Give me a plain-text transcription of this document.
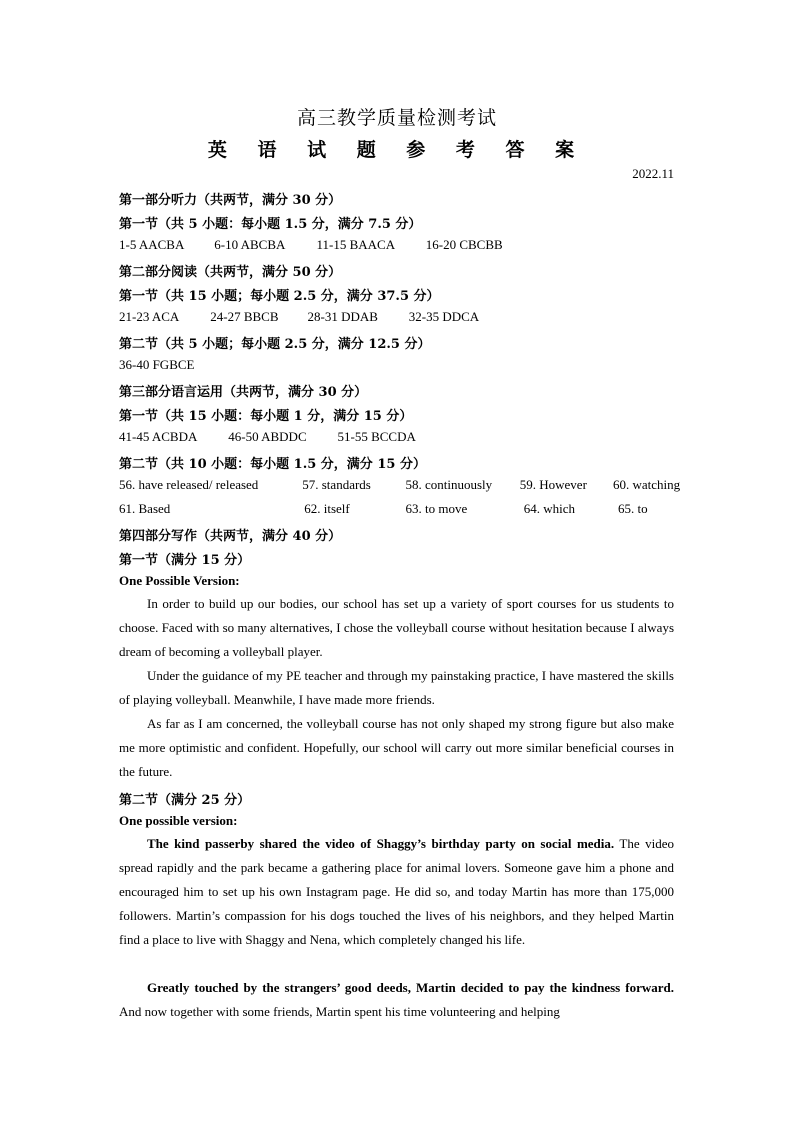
高三教学质量检测考试
英 语 试 题 参 考 答 案
2022.11
第一部分听力（共两节，满分 30 分）
第一节（共 5 小题：每小题 1.5 分，满分 7.5 分）
1-5 AACBA 6-10 ABCBA 11-15 BAACA 16-20 CBCBB
第二部分阅读（共两节，满分 50 分）
第一节（共 15 小题；每小题 2.5 分，满分 37.5 分）
21-23 ACA 24-27 BBCB 28-31 DDAB 32-35 DDCA
第二节（共 5 小题；每小题 2.5 分，满分 12.5 分）
36-40 FGBCE
第三部分语言运用（共两节，满分 30 分）
第一节（共 15 小题：每小题 1 分，满分 15 分）
41-45 ACBDA 46-50 ABDDC 51-55 BCCDA
第二节（共 10 小题：每小题 1.5 分，满分 15 分）
56. have released/ released	57. standards	58. continuously 59. However 60. watching
61. Based	62. itself	63. to move	64. which	65. to
第四部分写作（共两节，满分 40 分）
第一节（满分 15 分）
One Possible Version:
In order to build up our bodies, our school has set up a variety of sport courses for us students to choose. Faced with so many alternatives, I chose the volleyball course without hesitation because I always dream of becoming a volleyball player.
Under the guidance of my PE teacher and through my painstaking practice, I have mastered the skills of playing volleyball. Meanwhile, I have made more friends.
As far as I am concerned, the volleyball course has not only shaped my strong figure but also make me more optimistic and confident. Hopefully, our school will carry out more similar beneficial courses in the future.
第二节（满分 25 分）
One possible version:
The kind passerby shared the video of Shaggy’s birthday party on social media. The video spread rapidly and the park became a gathering place for animal lovers. Someone gave him a phone and encouraged him to set up his own Instagram page. He did so, and today Martin has more than 175,000 followers. Martin’s compassion for his dogs touched the lives of his neighbors, and they helped Martin find a place to live with Shaggy and Nena, which completely changed his life.
Greatly touched by the strangers’ good deeds, Martin decided to pay the kindness forward. And now together with some friends, Martin spent his time volunteering and helping
